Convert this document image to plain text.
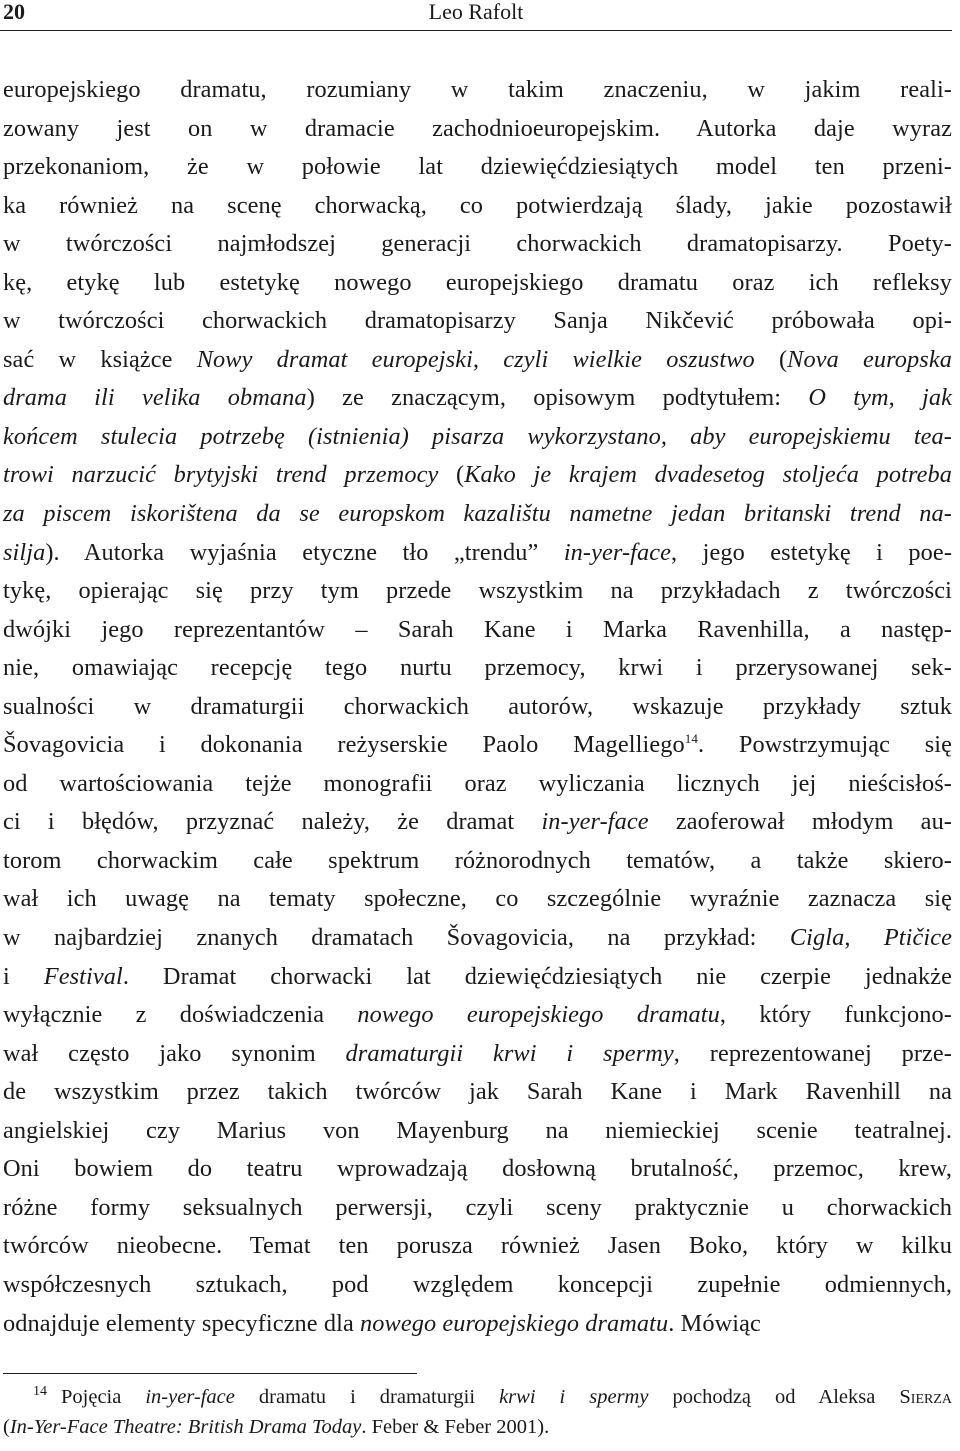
20	Leo Rafolt
europejskiego dramatu, rozumiany w takim znaczeniu, w jakim reali-
zowany jest on w dramacie zachodnioeuropejskim. Autorka daje wyraz
przekonaniom, że w połowie lat dziewięćdziesiątych model ten przeni-
ka również na scenę chorwacką, co potwierdzają ślady, jakie pozostawił
w twórczości najmłodszej generacji chorwackich dramatopisarzy. Poety-
kę, etykę lub estetykę nowego europejskiego dramatu oraz ich refleksy
w twórczości chorwackich dramatopisarzy Sanja Nikčević próbowała opi-
sać w książce Nowy dramat europejski, czyli wielkie oszustwo (Nova europska
drama ili velika obmana) ze znaczącym, opisowym podtytułem: O tym, jak
końcem stulecia potrzebę (istnienia) pisarza wykorzystano, aby europejskiemu tea-
trowi narzucić brytyjski trend przemocy (Kako je krajem dvadesetog stoljeća potreba
za piscem iskorištena da se europskom kazalištu nametne jedan britanski trend na-
silja). Autorka wyjaśnia etyczne tło „trendu” in-yer-face, jego estetykę i poe-
tykę, opierając się przy tym przede wszystkim na przykładach z twórczości
dwójki jego reprezentantów – Sarah Kane i Marka Ravenhilla, a następ-
nie, omawiając recepcję tego nurtu przemocy, krwi i przerysowanej sek-
sualności w dramaturgii chorwackich autorów, wskazuje przykłady sztuk
Šovagovicia i dokonania reżyserskie Paolo Magelliego$^{14}$. Powstrzymując się
od wartościowania tejże monografii oraz wyliczania licznych jej nieścisłoś-
ci i błędów, przyznać należy, że dramat in-yer-face zaoferował młodym au-
torom chorwackim całe spektrum różnorodnych tematów, a także skiero-
wał ich uwagę na tematy społeczne, co szczególnie wyraźnie zaznacza się
w najbardziej znanych dramatach Šovagovicia, na przykład: Cigla, Ptičice
i Festival. Dramat chorwacki lat dziewięćdziesiątych nie czerpie jednakże
wyłącznie z doświadczenia nowego europejskiego dramatu, który funkcjono-
wał często jako synonim dramaturgii krwi i spermy, reprezentowanej prze-
de wszystkim przez takich twórców jak Sarah Kane i Mark Ravenhill na
angielskiej czy Marius von Mayenburg na niemieckiej scenie teatralnej.
Oni bowiem do teatru wprowadzają dosłowną brutalność, przemoc, krew,
różne formy seksualnych perwersji, czyli sceny praktycznie u chorwackich
twórców nieobecne. Temat ten porusza również Jasen Boko, który w kilku
współczesnych sztukach, pod względem koncepcji zupełnie odmiennych,
odnajduje elementy specyficzne dla nowego europejskiego dramatu. Mówiąc
$^{14}$ Pojęcia in-yer-face dramatu i dramaturgii krwi i spermy pochodzą od Aleksa Sierza
(In-Yer-Face Theatre: British Drama Today. Feber & Feber 2001).
